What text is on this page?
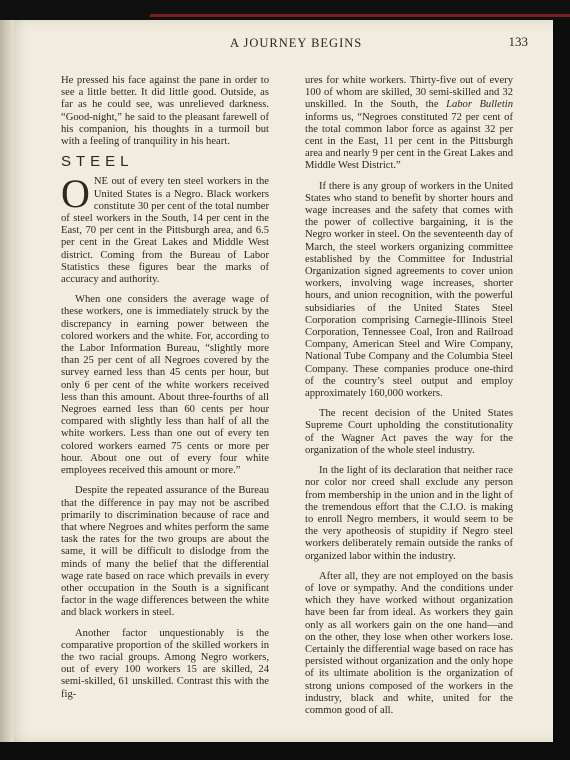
A JOURNEY BEGINS	133

He pressed his face against the pane in order to see a little better. It did little good. Outside, as far as he could see, was unrelieved darkness. “Good-night,” he said to the pleasant farewell of his companion, his thoughts in a turmoil but with a feeling of tranquility in his heart.

STEEL

ONE out of every ten steel workers in the United States is a Negro. Black workers constitute 30 per cent of the total number of steel workers in the South, 14 per cent in the East, 70 per cent in the Pittsburgh area, and 6.5 per cent in the Great Lakes and Middle West district. Coming from the Bureau of Labor Statistics these figures bear the marks of accuracy and authority.

When one considers the average wage of these workers, one is immediately struck by the discrepancy in earning power between the colored workers and the white. For, according to the Labor Information Bureau, “slightly more than 25 per cent of all Negroes covered by the survey earned less than 45 cents per hour, but only 6 per cent of the white workers received less than this amount. About three-fourths of all Negroes earned less than 60 cents per hour compared with slightly less than half of all the white workers. Less than one out of every ten colored workers earned 75 cents or more per hour. About one out of every four white employees received this amount or more.”

Despite the repeated assurance of the Bureau that the difference in pay may not be ascribed primarily to discrimination because of race and that where Negroes and whites perform the same task the rates for the two groups are about the same, it will be difficult to dislodge from the minds of many the belief that the differential wage rate based on race which prevails in every other occupation in the South is a significant factor in the wage differences between the white and black workers in steel.

Another factor unquestionably is the comparative proportion of the skilled workers in the two racial groups. Among Negro workers, out of every 100 workers 15 are skilled, 24 semi-skilled, 61 unskilled. Contrast this with the fig-

ures for white workers. Thirty-five out of every 100 of whom are skilled, 30 semi-skilled and 32 unskilled. In the South, the Labor Bulletin informs us, “Negroes constituted 72 per cent of the total common labor force as against 32 per cent in the East, 11 per cent in the Pittsburgh area and nearly 9 per cent in the Great Lakes and Middle West District.”

If there is any group of workers in the United States who stand to benefit by shorter hours and wage increases and the safety that comes with the power of collective bargaining, it is the Negro worker in steel. On the seventeenth day of March, the steel workers organizing committee established by the Committee for Industrial Organization signed agreements to cover union workers, involving wage increases, shorter hours, and union recognition, with the powerful subsidiaries of the United States Steel Corporation comprising Carnegie-Illinois Steel Corporation, Tennessee Coal, Iron and Railroad Company, American Steel and Wire Company, National Tube Company and the Columbia Steel Company. These companies produce one-third of the country’s steel output and employ approximately 160,000 workers.

The recent decision of the United States Supreme Court upholding the constitutionality of the Wagner Act paves the way for the organization of the whole steel industry.

In the light of its declaration that neither race nor color nor creed shall exclude any person from membership in the union and in the light of the tremendous effort that the C.I.O. is making to enroll Negro members, it would seem to be the very apotheosis of stupidity if Negro steel workers deliberately remain outside the ranks of organized labor within the industry.

After all, they are not employed on the basis of love or sympathy. And the conditions under which they have worked without organization have been far from ideal. As workers they gain only as all workers gain on the one hand—and on the other, they lose when other workers lose. Certainly the differential wage based on race has persisted without organization and the only hope of its ultimate abolition is the organization of strong unions composed of the workers in the industry, black and white, united for the common good of all.
